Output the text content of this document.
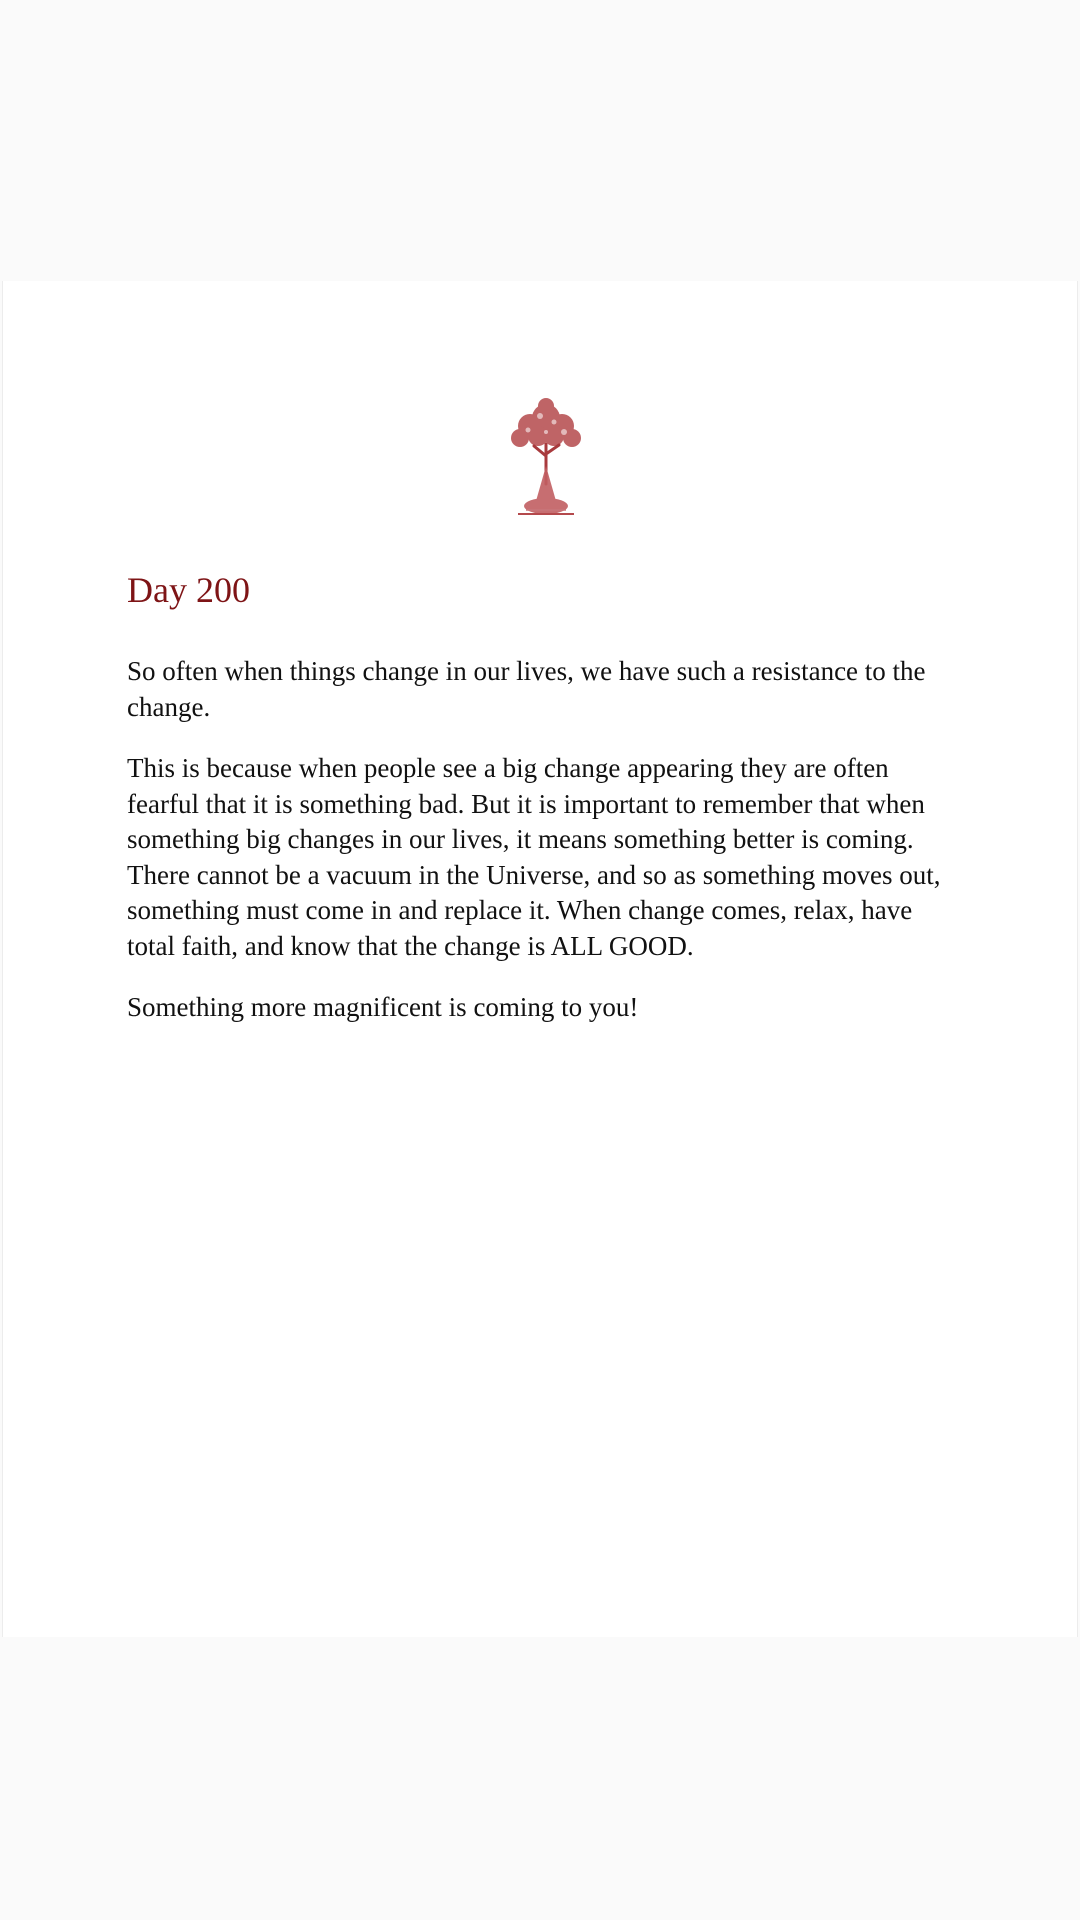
Day 200

So often when things change in our lives, we have such a resistance to the change.

This is because when people see a big change appearing they are often fearful that it is something bad. But it is important to remember that when something big changes in our lives, it means something better is coming. There cannot be a vacuum in the Universe, and so as something moves out, something must come in and replace it. When change comes, relax, have total faith, and know that the change is ALL GOOD.

Something more magnificent is coming to you!
